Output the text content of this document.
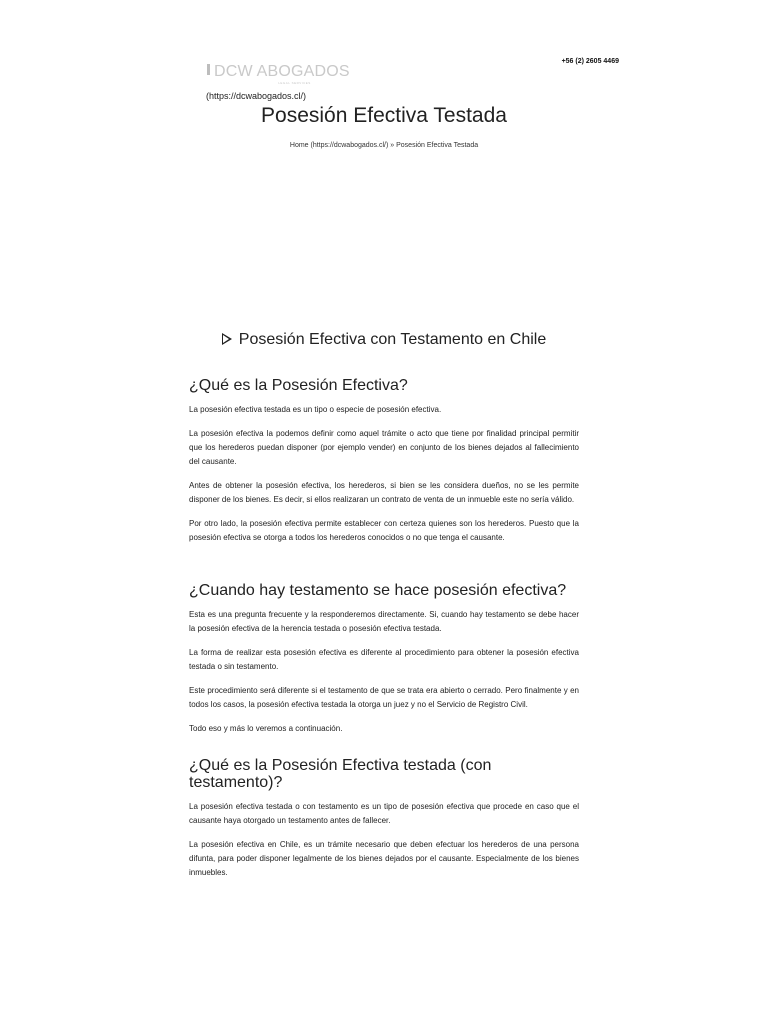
+56 (2) 2605 4469
DCW ABOGADOS
LEGAL SERVICES
(https://dcwabogados.cl/)
Posesión Efectiva Testada
Home (https://dcwabogados.cl/) » Posesión Efectiva Testada
Posesión Efectiva con Testamento en Chile
¿Qué es la Posesión Efectiva?

La posesión efectiva testada es un tipo o especie de posesión efectiva.

La posesión efectiva la podemos definir como aquel trámite o acto que tiene por finalidad principal permitir que los herederos puedan disponer (por ejemplo vender) en conjunto de los bienes dejados al fallecimiento del causante.

Antes de obtener la posesión efectiva, los herederos, si bien se les considera dueños, no se les permite disponer de los bienes. Es decir, si ellos realizaran un contrato de venta de un inmueble este no sería válido.

Por otro lado, la posesión efectiva permite establecer con certeza quienes son los herederos. Puesto que la posesión efectiva se otorga a todos los herederos conocidos o no que tenga el causante.

¿Cuando hay testamento se hace posesión efectiva?

Esta es una pregunta frecuente y la responderemos directamente. Si, cuando hay testamento se debe hacer la posesión efectiva de la herencia testada o posesión efectiva testada.

La forma de realizar esta posesión efectiva es diferente al procedimiento para obtener la posesión efectiva testada o sin testamento.

Este procedimiento será diferente si el testamento de que se trata era abierto o cerrado. Pero finalmente y en todos los casos, la posesión efectiva testada la otorga un juez y no el Servicio de Registro Civil.

Todo eso y más lo veremos a continuación.

¿Qué es la Posesión Efectiva testada (con testamento)?

La posesión efectiva testada o con testamento es un tipo de posesión efectiva que procede en caso que el causante haya otorgado un testamento antes de fallecer.

La posesión efectiva en Chile, es un trámite necesario que deben efectuar los herederos de una persona difunta, para poder disponer legalmente de los bienes dejados por el causante. Especialmente de los bienes inmuebles.
